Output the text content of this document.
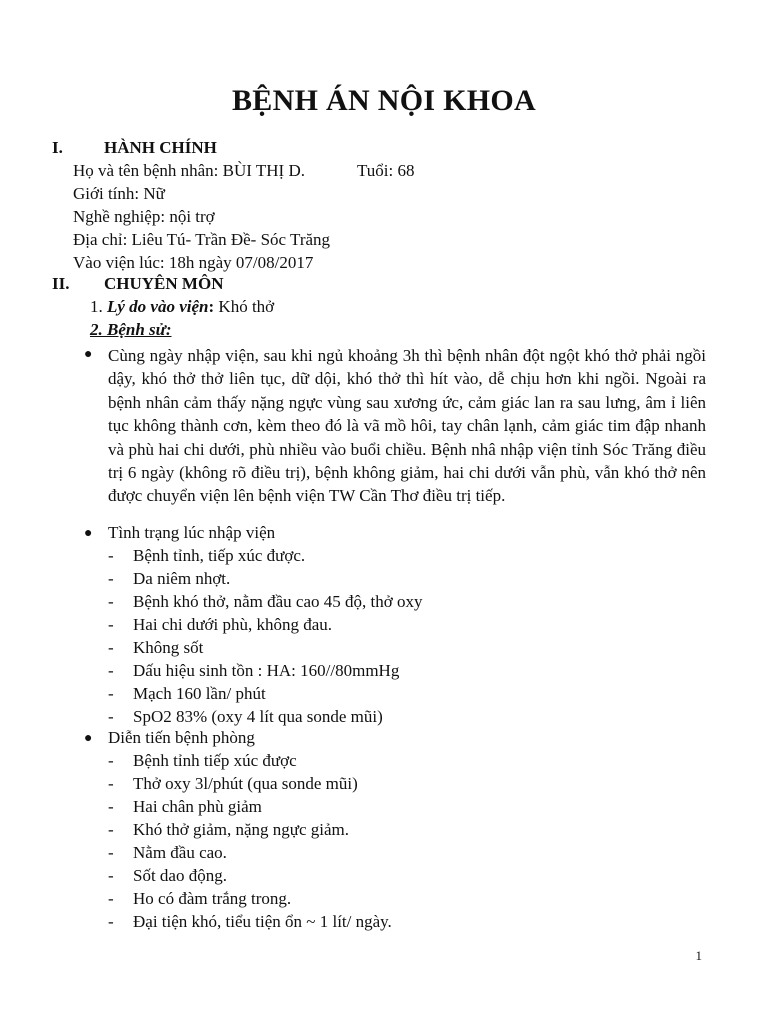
BỆNH ÁN NỘI KHOA
I. HÀNH CHÍNH
Họ và tên bệnh nhân: BÙI THỊ D.	Tuổi: 68
Giới tính: Nữ
Nghề nghiệp: nội trợ
Địa chỉ: Liêu Tú- Trần Đề- Sóc Trăng
Vào viện lúc: 18h ngày 07/08/2017
II. CHUYÊN MÔN
1. Lý do vào viện: Khó thở
2. Bệnh sử:
● Cùng ngày nhập viện, sau khi ngủ khoảng 3h thì bệnh nhân đột ngột khó thở phải ngồi dậy, khó thở thở liên tục, dữ dội, khó thở thì hít vào, dễ chịu hơn khi ngồi. Ngoài ra bệnh nhân cảm thấy nặng ngực vùng sau xương ức, cảm giác lan ra sau lưng, âm ỉ liên tục không thành cơn, kèm theo đó là vã mồ hôi, tay chân lạnh, cảm giác tim đập nhanh và phù hai chi dưới, phù nhiều vào buổi chiều. Bệnh nhâ nhập viện tỉnh Sóc Trăng điều trị 6 ngày (không rõ điều trị), bệnh không giảm, hai chi dưới vẫn phù, vẫn khó thở nên được chuyển viện lên bệnh viện TW Cần Thơ điều trị tiếp.
● Tình trạng lúc nhập viện
- Bệnh tỉnh, tiếp xúc được.
- Da niêm nhợt.
- Bệnh khó thở, nằm đầu cao 45 độ, thở oxy
- Hai chi dưới phù, không đau.
- Không sốt
- Dấu hiệu sinh tồn : HA: 160//80mmHg
- Mạch 160 lần/ phút
- SpO2 83% (oxy 4 lít qua sonde mũi)
● Diễn tiến bệnh phòng
- Bệnh tỉnh tiếp xúc được
- Thở oxy 3l/phút (qua sonde mũi)
- Hai chân phù giảm
- Khó thở giảm, nặng ngực giảm.
- Nằm đầu cao.
- Sốt dao động.
- Ho có đàm trắng trong.
- Đại tiện khó, tiểu tiện ổn ~ 1 lít/ ngày.
1
